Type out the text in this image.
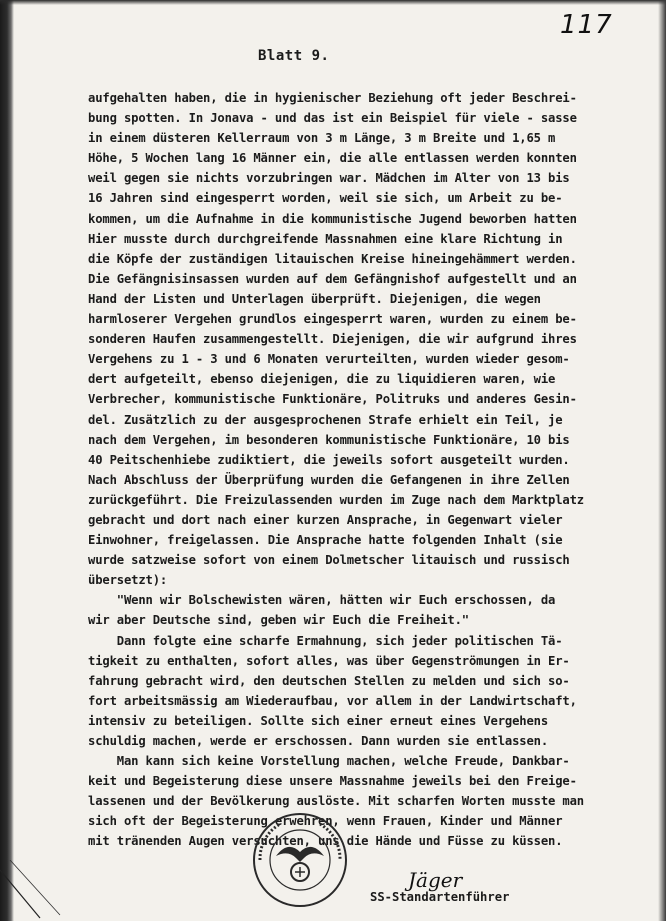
117
Blatt 9.
aufgehalten haben, die in hygienischer Beziehung oft jeder Beschrei-
bung spotten. In Jonava - und das ist ein Beispiel für viele - sasse
in einem düsteren Kellerraum von 3 m Länge, 3 m Breite und 1,65 m
Höhe, 5 Wochen lang 16 Männer ein, die alle entlassen werden konnten
weil gegen sie nichts vorzubringen war. Mädchen im Alter von 13 bis
16 Jahren sind eingesperrt worden, weil sie sich, um Arbeit zu be-
kommen, um die Aufnahme in die kommunistische Jugend beworben hatten
Hier musste durch durchgreifende Massnahmen eine klare Richtung in
die Köpfe der zuständigen litauischen Kreise hineingehämmert werden.
Die Gefängnisinsassen wurden auf dem Gefängnishof aufgestellt und an
Hand der Listen und Unterlagen überprüft. Diejenigen, die wegen
harmloserer Vergehen grundlos eingesperrt waren, wurden zu einem be-
sonderen Haufen zusammengestellt. Diejenigen, die wir aufgrund ihres
Vergehens zu 1 - 3 und 6 Monaten verurteilten, wurden wieder gesom-
dert aufgeteilt, ebenso diejenigen, die zu liquidieren waren, wie
Verbrecher, kommunistische Funktionäre, Politruks und anderes Gesin-
del. Zusätzlich zu der ausgesprochenen Strafe erhielt ein Teil, je
nach dem Vergehen, im besonderen kommunistische Funktionäre, 10 bis
40 Peitschenhiebe zudiktiert, die jeweils sofort ausgeteilt wurden.
Nach Abschluss der Überprüfung wurden die Gefangenen in ihre Zellen
zurückgeführt. Die Freizulassenden wurden im Zuge nach dem Marktplatz
gebracht und dort nach einer kurzen Ansprache, in Gegenwart vieler
Einwohner, freigelassen. Die Ansprache hatte folgenden Inhalt (sie
wurde satzweise sofort von einem Dolmetscher litauisch und russisch
übersetzt):
"Wenn wir Bolschewisten wären, hätten wir Euch erschossen, da
wir aber Deutsche sind, geben wir Euch die Freiheit."
Dann folgte eine scharfe Ermahnung, sich jeder politischen Tä-
tigkeit zu enthalten, sofort alles, was über Gegenströmungen in Er-
fahrung gebracht wird, den deutschen Stellen zu melden und sich so-
fort arbeitsmässig am Wiederaufbau, vor allem in der Landwirtschaft,
intensiv zu beteiligen. Sollte sich einer erneut eines Vergehens
schuldig machen, werde er erschossen. Dann wurden sie entlassen.
Man kann sich keine Vorstellung machen, welche Freude, Dankbar-
keit und Begeisterung diese unsere Massnahme jeweils bei den Freige-
lassenen und der Bevölkerung auslöste. Mit scharfen Worten musste man
sich oft der Begeisterung erwehren, wenn Frauen, Kinder und Männer
mit tränenden Augen versuchten, uns die Hände und Füsse zu küssen.
Jäger
SS-Standartenführer
